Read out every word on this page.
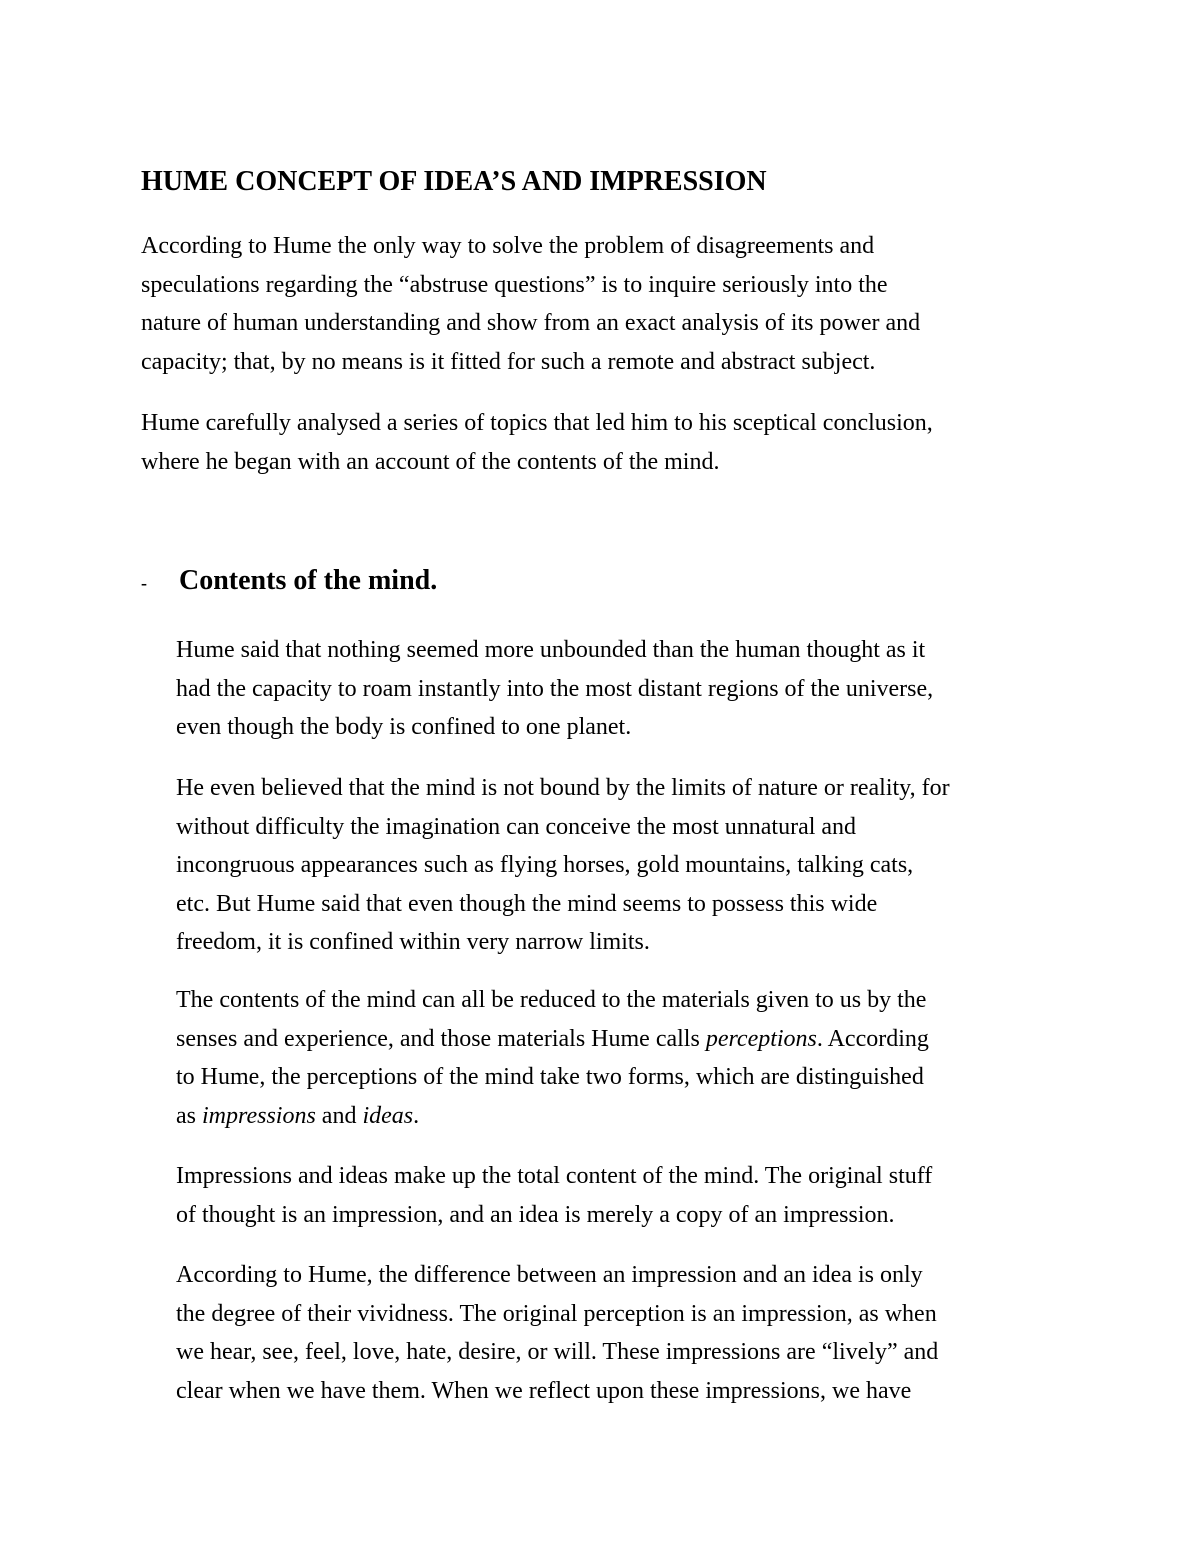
HUME CONCEPT OF IDEA’S AND IMPRESSION

According to Hume the only way to solve the problem of disagreements and
speculations regarding the “abstruse questions” is to inquire seriously into the
nature of human understanding and show from an exact analysis of its power and
capacity; that, by no means is it fitted for such a remote and abstract subject.

Hume carefully analysed a series of topics that led him to his sceptical conclusion,
where he began with an account of the contents of the mind.

- Contents of the mind.

Hume said that nothing seemed more unbounded than the human thought as it
had the capacity to roam instantly into the most distant regions of the universe,
even though the body is confined to one planet.

He even believed that the mind is not bound by the limits of nature or reality, for
without difficulty the imagination can conceive the most unnatural and
incongruous appearances such as flying horses, gold mountains, talking cats,
etc. But Hume said that even though the mind seems to possess this wide
freedom, it is confined within very narrow limits.

The contents of the mind can all be reduced to the materials given to us by the
senses and experience, and those materials Hume calls perceptions. According
to Hume, the perceptions of the mind take two forms, which are distinguished
as impressions and ideas.

Impressions and ideas make up the total content of the mind. The original stuff
of thought is an impression, and an idea is merely a copy of an impression.

According to Hume, the difference between an impression and an idea is only
the degree of their vividness. The original perception is an impression, as when
we hear, see, feel, love, hate, desire, or will. These impressions are “lively” and
clear when we have them. When we reflect upon these impressions, we have
